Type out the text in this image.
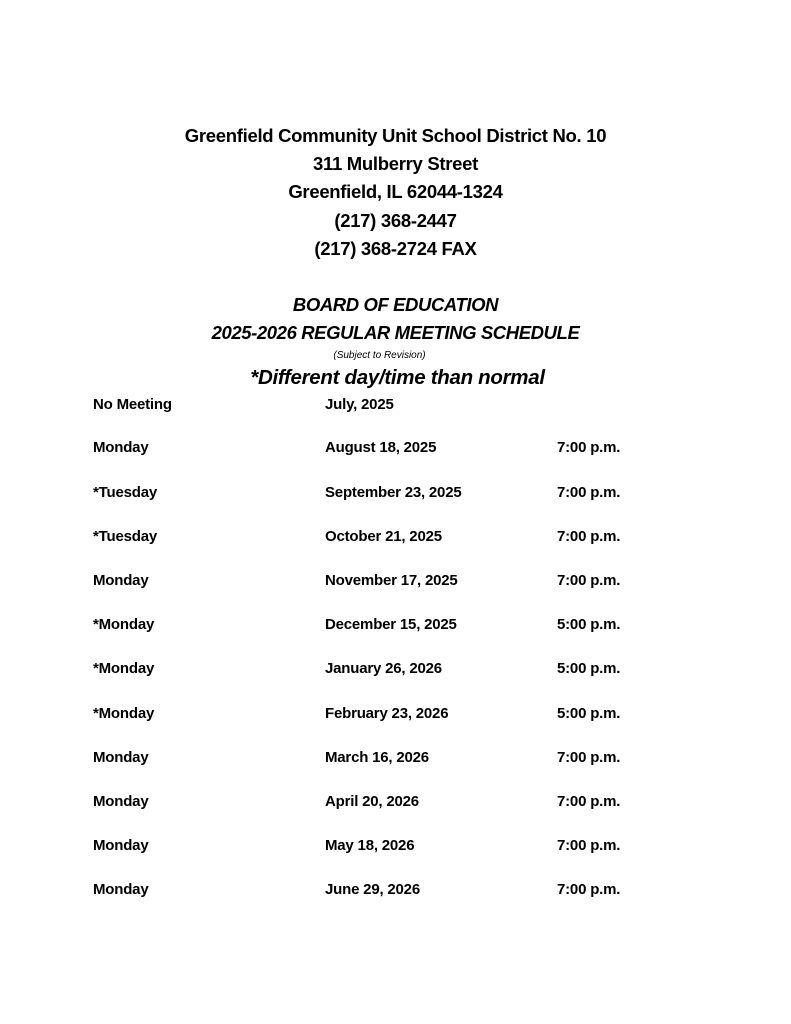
Greenfield Community Unit School District No. 10
311 Mulberry Street
Greenfield, IL 62044-1324
(217) 368-2447
(217) 368-2724 FAX
BOARD OF EDUCATION
2025-2026 REGULAR MEETING SCHEDULE
(Subject to Revision)
*Different day/time than normal
No Meeting	July, 2025
Monday	August 18, 2025	7:00 p.m.
*Tuesday	September 23, 2025	7:00 p.m.
*Tuesday	October 21, 2025	7:00 p.m.
Monday	November 17, 2025	7:00 p.m.
*Monday	December 15, 2025	5:00 p.m.
*Monday	January 26, 2026	5:00 p.m.
*Monday	February 23, 2026	5:00 p.m.
Monday	March 16, 2026	7:00 p.m.
Monday	April 20, 2026	7:00 p.m.
Monday	May 18, 2026	7:00 p.m.
Monday	June 29, 2026	7:00 p.m.
